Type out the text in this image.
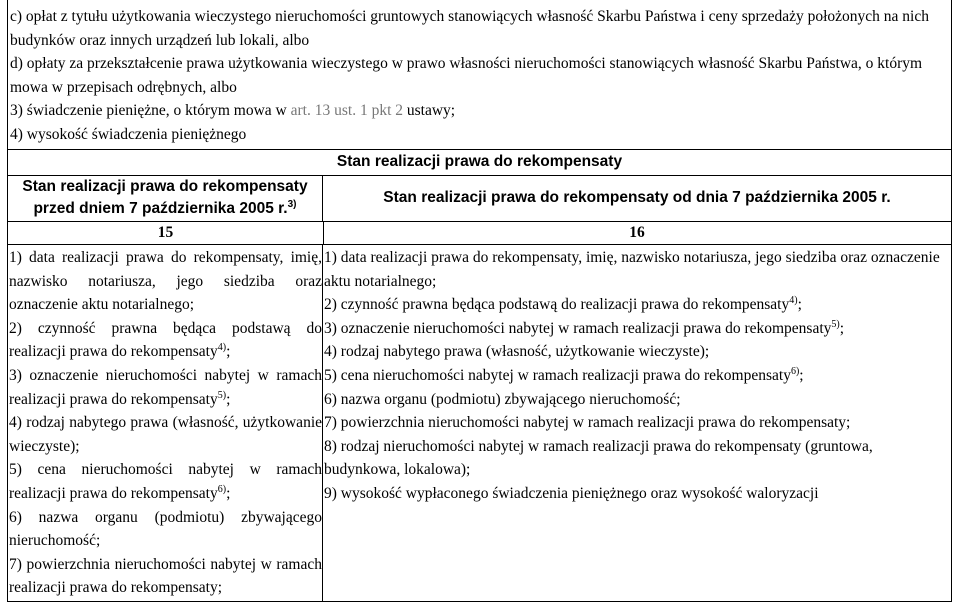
c) opłat z tytułu użytkowania wieczystego nieruchomości gruntowych stanowiących własność Skarbu Państwa i ceny sprzedaży położonych na nich budynków oraz innych urządzeń lub lokali, albo

d) opłaty za przekształcenie prawa użytkowania wieczystego w prawo własności nieruchomości stanowiących własność Skarbu Państwa, o którym mowa w przepisach odrębnych, albo

3) świadczenie pieniężne, o którym mowa w art. 13 ust. 1 pkt 2 ustawy;

4) wysokość świadczenia pieniężnego

Stan realizacji prawa do rekompensaty
Stan realizacji prawa do rekompensaty przed dniem 7 października 2005 r.$^{3)}$	Stan realizacji prawa do rekompensaty od dnia 7 października 2005 r.
15	16

1) data realizacji prawa do rekompensaty, imię, nazwisko notariusza, jego siedziba oraz oznaczenie aktu notarialnego;

2) czynność prawna będąca podstawą do realizacji prawa do rekompensaty$^{4)}$;

3) oznaczenie nieruchomości nabytej w ramach realizacji prawa do rekompensaty$^{5)}$;

4) rodzaj nabytego prawa (własność, użytkowanie wieczyste);

5) cena nieruchomości nabytej w ramach realizacji prawa do rekompensaty$^{6)}$;

6) nazwa organu (podmiotu) zbywającego nieruchomość;

7) powierzchnia nieruchomości nabytej w ramach realizacji prawa do rekompensaty;

1) data realizacji prawa do rekompensaty, imię, nazwisko notariusza, jego siedziba oraz oznaczenie aktu notarialnego;

2) czynność prawna będąca podstawą do realizacji prawa do rekompensaty$^{4)}$;

3) oznaczenie nieruchomości nabytej w ramach realizacji prawa do rekompensaty$^{5)}$;

4) rodzaj nabytego prawa (własność, użytkowanie wieczyste);

5) cena nieruchomości nabytej w ramach realizacji prawa do rekompensaty$^{6)}$;

6) nazwa organu (podmiotu) zbywającego nieruchomość;

7) powierzchnia nieruchomości nabytej w ramach realizacji prawa do rekompensaty;

8) rodzaj nieruchomości nabytej w ramach realizacji prawa do rekompensaty (gruntowa, budynkowa, lokalowa);

9) wysokość wypłaconego świadczenia pieniężnego oraz wysokość waloryzacji
